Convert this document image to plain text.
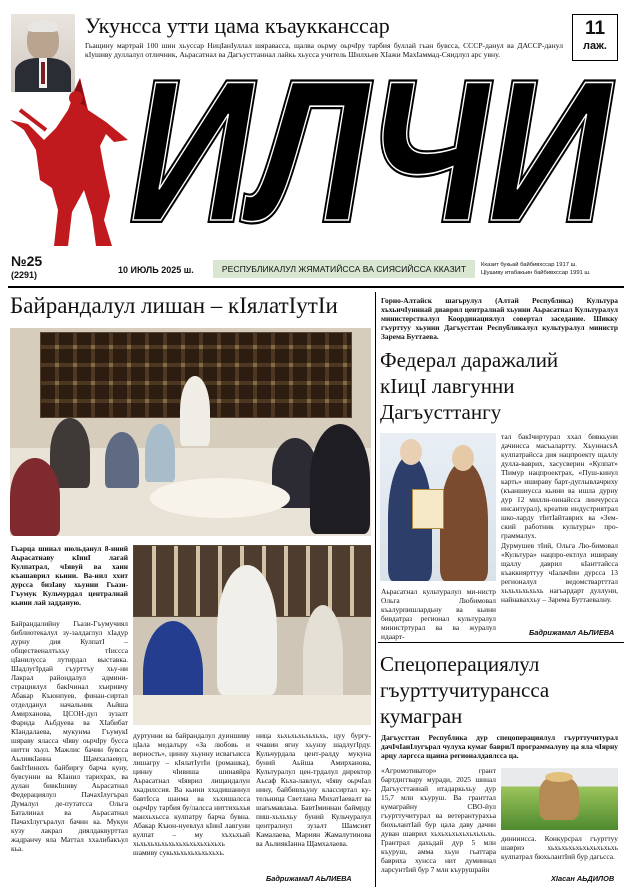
Укунсса утти цама къаукканссар

Гьащину мартрай 100 шин хьуссар НицIанIуллал шяравасса, щалва оьрму оьрчIру тарбия буллай гьан бувсса, СССР-данул ва ДАССР-данул кIушиву дуллалул отличник, Аьрасатнал ва Дагъусттаннал лайкь хьусса учитель Шилхьев ХIажи МахIаммад-Сяидлул арс увну.

11
лаж.
ИЛЧИ
ИЛЧИ
№25
(2291)	10 ИЮЛЬ 2025 ш.	РЕСПУБЛИКАЛУЛ ЖЯМАТИЙССА ВА СИЯСИЙССА ККАЗИТ	Кказит букьай байбивхссар 1917 ш.
Цlушиву итабакьин байбивхссар 1991 ш.
Байрандалул лишан – кIялатIутIи

Гьарца шинал июльданул 8-нний Аьрасатнаву кIинI лагай Кулпатрал, чIявуй ва хаин къашаврил кьини. Ва-нил ххит дурсса бизIаву хьунни Гьази-Гъумук Кульчурдал централнай кьини лай задданую.

Байрандалийну Гьази-Гъумучиял библиотекалул зу-залдаглул хIадур дурну дия КулпатI – общественалтьхьу тIиссса цIанилусса лутирдал выставка. ШадлугIрдай гъурттъу хьу-ни Лакрал райондалул админи-страциялул бакIчинал хъиривчу Абакар Къюнпуев, финан-сиртал отделданул начальник Аьйша Амирханова, ЦСОН-дул зузалт Фарида Аьбдуева ва ХIабибат КIандалаева, мукунма ГъумукI шяраву яласса чIяву оьрчIру бусса нитти хъул. Мажлис бачин бувсса АьлиякIанна Щамхалаевул, бакIтIиннхъ байбиргу барча куну, бувсунни ва КIанил тарихрах, ва дулан бивкIшиву Аьрасатнал Федерациялул ПачахIлугърал Думалул де-путатсса Ольга Баталинал ва Аьрасатнал ПачахIлугъралул бачин ка. Мукун кузу лакрал диялдаквурттал жадранчу яла Маттал ххалибакъул кьа.

дуртунни ва байрандалул дуиншиву цIала медалъру «За любовь и верность», цинну хьунну исвагьисса лишагру – кIялатIутIи (ромашка), цинну чIивиша шинаяйра Аьрасатнал чIяврил лищандалун хкадилссия. Ва кьини ххадишаннул бавтIсса шанма ва хьхишалсса оьрчIру тарбия бу/лалсса ниттихьхья манхьхьсса кулпатру барча бувна. Абакар Къюн-нуевлул кIинI лавгуни кулпат – му хъхьхьай хьхьхьхьхьхьхьхьхьхьхьхьхь шамиву сукьхьхьхьхьхьхьхь.

ница хьхьхьхьхьхьхь, цуу бургу-ччавин ягну хьунзу шадлугIрду. Кульчурдала цент-ралду мукуна буний Аьйша Амирханова, Культуралул цен-трдалул директор Аьсаф Кьха-лавлул, чIяву оьрчIал нину, байбивхьуну классиртал ку-тельница Светлана МихатIаевалт ва шагьмавлаьа. БавтIминнан баймрду пиш-хьхьхьу буний Кульчуралул централнул зузалт Шамсият Камалаева, Мариян Жамалутинова ва АьлиякIанна Щамхалаева.

БадрижамаЛ АЬЛИЕВА

Горно-Алтайск шагьрулул (Алтай Республика) Культура хъхьичIунннай диаврил централнай хьунни Аьрасатнал Культуралул министерствалул Координациялул совертал заседание. Шикку гъурттуу хьунни Дагъусттан Республикалул культуралул министр Зарема Буттаева.

Федерал даражалий кIицI лавгунни Дагъусттангу

тал бакIчиртурал ххал бивкьуни дачинсса масъалартту. ХьуннасsA кулпатрайсса дия нацпроекту щаллу дулла-ваврих, хасусверин «Кулпат» ТIимур нацпроектрах, «Пуш-кинул карть» ишираву барт-дуглывлачриху (къаншиусса кьини ва ишла дурну дур 12 милли-оннайсса линчурсса инсантурал), креатив индустриятрал шко-ларду тIитIайтаврих ва «Зем-ский работник культуры» про-граммалух.

Дурмушев тIий, Ольга Лю-бимовал «Культура» нацпро-ектлул ишираву щаллу даврил кIанттайсса къаккиярттуу чIалачIин дурсса 13 регионалул ведомствартттал хьхьхьхьхьхь нагьардарт дуллуни, найнаваххьу – Зарема Буттаевалну.

Аьрасатнал культуралул ми-нистр Ольга Любимовал къалурпишлардьну ва кьини бивдатраз регионал культуралул министртурал ва ва журалул идаарт-	Бадрижамал АЬЛИЕВА
Спецоперациялул гъурттучитурансса кумагран

Дагъусттан Республика дур спецоперациялул гъурттучитурал дачIчIанIлугърал чулуха кумаг бавриЛ программалуву ца яла чIярну арцу ларгсса щаина регионалдаялсса ца.

«Агромотиватор» грант бартдиггвару муради, 2025 шинал Дагъусттаннай итадаркьхьу дур 15,7 млн къуруш. Ва гранттал кумаграйну СВО-йул гъурттучитурал ва ветерантурахьа бюхьлантIай бур цала даву дачин дуван шаврил хьхьхьхьхьхьхьхьхь. Грантрал дахьдай дур 5 млн къуруш, амма хьуи гьаттара бавриха хунсса нит думиннал ларсунтIий бур 7 млн къурушрайн

динниисса. Конкурсрал гъурттуу шавриэ хьхьхьхьхьхьхьхьхьхь кулпатрал бюхьлантIий бур дагьсса.

ХIасан АЬДИЛОВ
